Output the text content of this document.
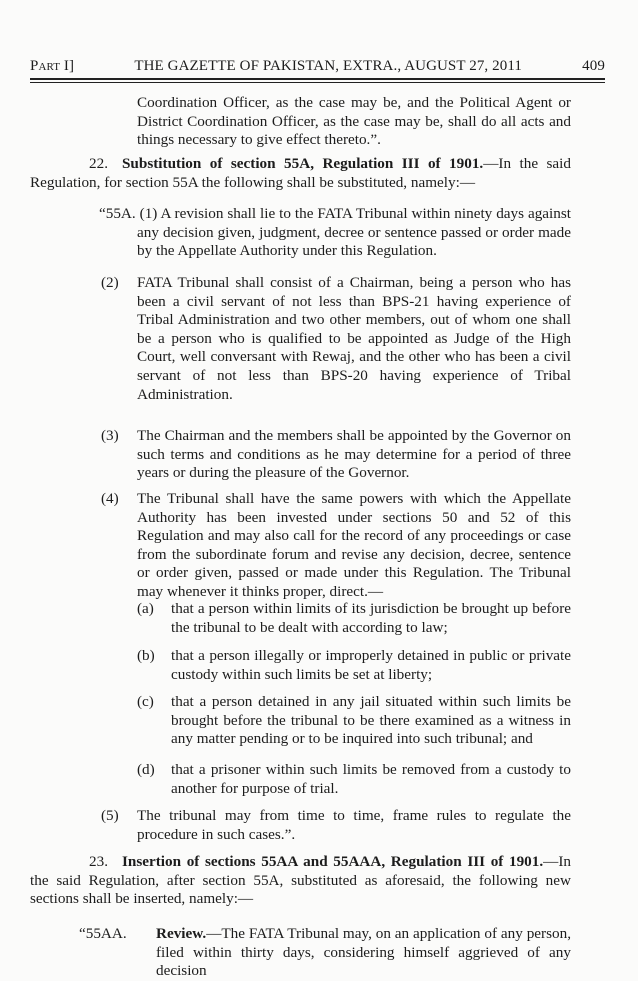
Part I]	THE GAZETTE OF PAKISTAN, EXTRA., AUGUST 27, 2011	409

Coordination Officer, as the case may be, and the Political Agent or District Coordination Officer, as the case may be, shall do all acts and things necessary to give effect thereto.”.

22. Substitution of section 55A, Regulation III of 1901.—In the said Regulation, for section 55A the following shall be substituted, namely:—

“55A. (1) A revision shall lie to the FATA Tribunal within ninety days against any decision given, judgment, decree or sentence passed or order made by the Appellate Authority under this Regulation.

(2) FATA Tribunal shall consist of a Chairman, being a person who has been a civil servant of not less than BPS-21 having experience of Tribal Administration and two other members, out of whom one shall be a person who is qualified to be appointed as Judge of the High Court, well conversant with Rewaj, and the other who has been a civil servant of not less than BPS-20 having experience of Tribal Administration.

(3) The Chairman and the members shall be appointed by the Governor on such terms and conditions as he may determine for a period of three years or during the pleasure of the Governor.

(4) The Tribunal shall have the same powers with which the Appellate Authority has been invested under sections 50 and 52 of this Regulation and may also call for the record of any proceedings or case from the subordinate forum and revise any decision, decree, sentence or order given, passed or made under this Regulation. The Tribunal may whenever it thinks proper, direct.—

(a) that a person within limits of its jurisdiction be brought up before the tribunal to be dealt with according to law;

(b) that a person illegally or improperly detained in public or private custody within such limits be set at liberty;

(c) that a person detained in any jail situated within such limits be brought before the tribunal to be there examined as a witness in any matter pending or to be inquired into such tribunal; and

(d) that a prisoner within such limits be removed from a custody to another for purpose of trial.

(5) The tribunal may from time to time, frame rules to regulate the procedure in such cases.”.

23. Insertion of sections 55AA and 55AAA, Regulation III of 1901.—In the said Regulation, after section 55A, substituted as aforesaid, the following new sections shall be inserted, namely:—

“55AA. Review.—The FATA Tribunal may, on an application of any person, filed within thirty days, considering himself aggrieved of any decision
